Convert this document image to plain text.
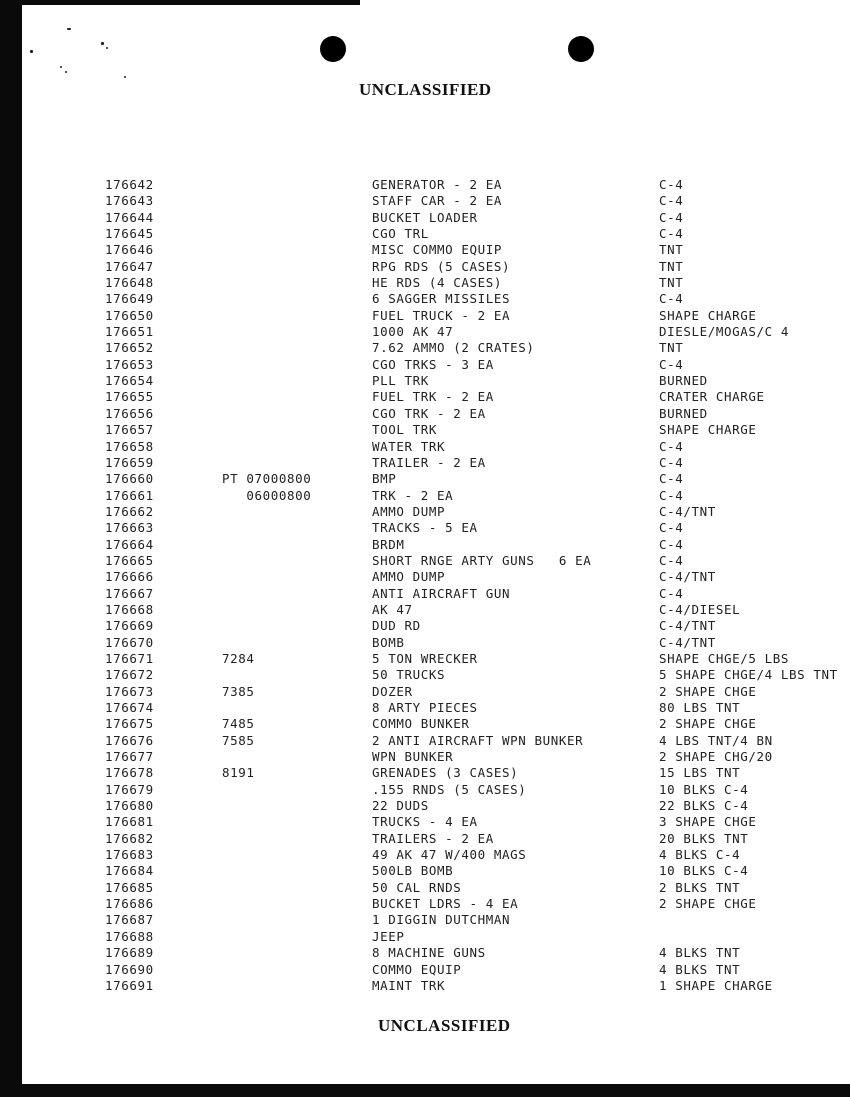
UNCLASSIFIED
176642	GENERATOR - 2 EA	C-4
176643	STAFF CAR - 2 EA	C-4
176644	BUCKET LOADER	C-4
176645	CGO TRL	C-4
176646	MISC COMMO EQUIP	TNT
176647	RPG RDS (5 CASES)	TNT
176648	HE RDS (4 CASES)	TNT
176649	6 SAGGER MISSILES	C-4
176650	FUEL TRUCK - 2 EA	SHAPE CHARGE
176651	1000 AK 47	DIESLE/MOGAS/C 4
176652	7.62 AMMO (2 CRATES)	TNT
176653	CGO TRKS - 3 EA	C-4
176654	PLL TRK	BURNED
176655	FUEL TRK - 2 EA	CRATER CHARGE
176656	CGO TRK - 2 EA	BURNED
176657	TOOL TRK	SHAPE CHARGE
176658	WATER TRK	C-4
176659	TRAILER - 2 EA	C-4
176660	PT 07000800	BMP	C-4
176661	06000800	TRK - 2 EA	C-4
176662	AMMO DUMP	C-4/TNT
176663	TRACKS - 5 EA	C-4
176664	BRDM	C-4
176665	SHORT RNGE ARTY GUNS   6 EA	C-4
176666	AMMO DUMP	C-4/TNT
176667	ANTI AIRCRAFT GUN	C-4
176668	AK 47	C-4/DIESEL
176669	DUD RD	C-4/TNT
176670	BOMB	C-4/TNT
176671	7284	5 TON WRECKER	SHAPE CHGE/5 LBS
176672	50 TRUCKS	5 SHAPE CHGE/4 LBS TNT
176673	7385	DOZER	2 SHAPE CHGE
176674	8 ARTY PIECES	80 LBS TNT
176675	7485	COMMO BUNKER	2 SHAPE CHGE
176676	7585	2 ANTI AIRCRAFT WPN BUNKER	4 LBS TNT/4 BN
176677	WPN BUNKER	2 SHAPE CHG/20
176678	8191	GRENADES (3 CASES)	15 LBS TNT
176679	.155 RNDS (5 CASES)	10 BLKS C-4
176680	22 DUDS	22 BLKS C-4
176681	TRUCKS - 4 EA	3 SHAPE CHGE
176682	TRAILERS - 2 EA	20 BLKS TNT
176683	49 AK 47 W/400 MAGS	4 BLKS C-4
176684	500LB BOMB	10 BLKS C-4
176685	50 CAL RNDS	2 BLKS TNT
176686	BUCKET LDRS - 4 EA	2 SHAPE CHGE
176687	1 DIGGIN DUTCHMAN
176688	JEEP
176689	8 MACHINE GUNS	4 BLKS TNT
176690	COMMO EQUIP	4 BLKS TNT
176691	MAINT TRK	1 SHAPE CHARGE
UNCLASSIFIED
